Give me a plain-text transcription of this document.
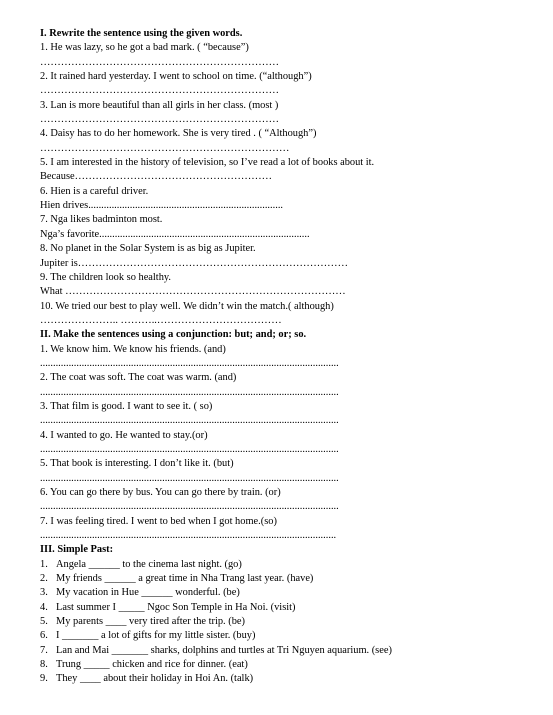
I. Rewrite the sentence using the given words.
1. He was lazy, so he got a bad mark. ( “because”)
……………………………………………………………
2. It rained hard yesterday. I went to school on time. (“although”)
……………………………………………………………
3. Lan is more beautiful than all girls in her class. (most )
……………………………………………………………
4. Daisy has to do her homework. She is very tired . ( “Although”)
………………………………………………………………
5. I am interested in the history of television, so I’ve read a lot of books about it.
Because…………………………………………………
6. Hien is a careful driver.
Hien drives...........................................................................
7. Nga likes badminton most.
Nga’s favorite.................................................................................
8. No planet in the Solar System is as big as Jupiter.
Jupiter is……………………………………………………………………
9. The children look so healthy.
What ………………………………………………………………………
10. We tried our best to play well. We didn’t win the match.( although)
………………….. ………..………………………………
II. Make the sentences using a conjunction: but; and; or; so.
1. We know him. We know his friends. (and)
...................................................................................................................
2. The coat was soft. The coat was warm. (and)
...................................................................................................................
3. That film is good. I want to see it. ( so)
...................................................................................................................
4. I wanted to go. He wanted to stay.(or)
...................................................................................................................
5. That book is interesting. I don’t like it. (but)
...................................................................................................................
6. You can go there by bus. You can go there by train. (or)
...................................................................................................................
7. I was feeling tired. I went to bed when I got home.(so)
..................................................................................................................
III. Simple Past:
1. Angela ______ to the cinema last night. (go)
2. My friends ______ a great time in Nha Trang last year. (have)
3. My vacation in Hue ______ wonderful. (be)
4. Last summer I _____ Ngoc Son Temple in Ha Noi. (visit)
5. My parents ____ very tired after the trip. (be)
6. I _______ a lot of gifts for my little sister. (buy)
7. Lan and Mai _______ sharks, dolphins and turtles at Tri Nguyen aquarium. (see)
8. Trung _____ chicken and rice for dinner. (eat)
9. They ____ about their holiday in Hoi An. (talk)
